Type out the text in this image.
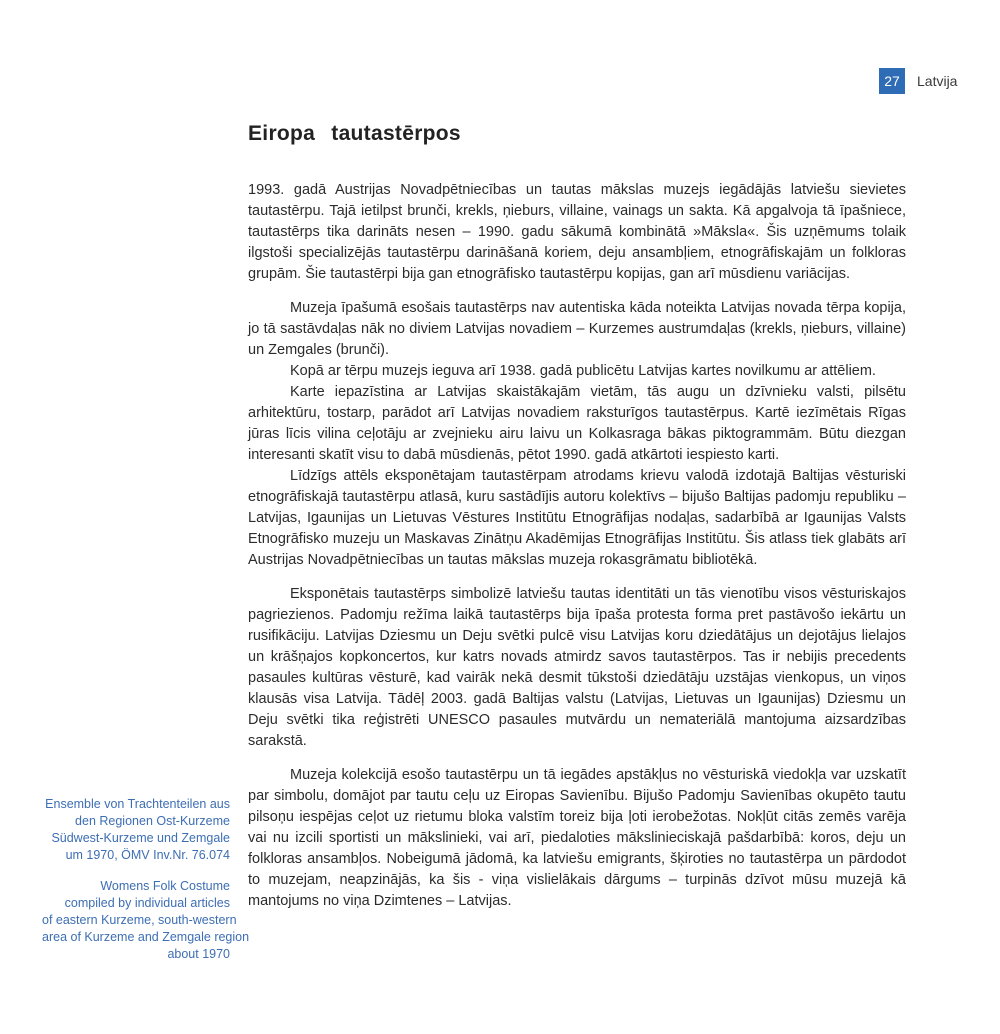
27 Latvija
Eiropa tautastērpos

1993. gadā Austrijas Novadpētniecības un tautas mākslas muzejs iegādājās latviešu sievietes tautastērpu. Tajā ietilpst brunči, krekls, ņieburs, villaine, vainags un sakta. Kā apgalvoja tā īpašniece, tautastērps tika darināts nesen – 1990. gadu sākumā kombinātā »Māksla«. Šis uzņēmums tolaik ilgstoši specializējās tautastērpu darināšanā koriem, deju ansambļiem, etnogrāfiskajām un folkloras grupām. Šie tautastērpi bija gan etnogrāfisko tautastērpu kopijas, gan arī mūsdienu variācijas.

Muzeja īpašumā esošais tautastērps nav autentiska kāda noteikta Latvijas novada tērpa kopija, jo tā sastāvdaļas nāk no diviem Latvijas novadiem – Kurzemes austrumdaļas (krekls, ņieburs, villaine) un Zemgales (brunči).

Kopā ar tērpu muzejs ieguva arī 1938. gadā publicētu Latvijas kartes novilkumu ar attēliem.

Karte iepazīstina ar Latvijas skaistākajām vietām, tās augu un dzīvnieku valsti, pilsētu arhitektūru, tostarp, parādot arī Latvijas novadiem raksturīgos tautastērpus. Kartē iezīmētais Rīgas jūras līcis vilina ceļotāju ar zvejnieku airu laivu un Kolkasraga bākas piktogrammām. Būtu diezgan interesanti skatīt visu to dabā mūsdienās, pētot 1990. gadā atkārtoti iespiesto karti.

Līdzīgs attēls eksponētajam tautastērpam atrodams krievu valodā izdotajā Baltijas vēsturiski etnogrāfiskajā tautastērpu atlasā, kuru sastādījis autoru kolektīvs – bijušo Baltijas padomju republiku – Latvijas, Igaunijas un Lietuvas Vēstures Institūtu Etnogrāfijas nodaļas, sadarbībā ar Igaunijas Valsts Etnogrāfisko muzeju un Maskavas Zinātņu Akadēmijas Etnogrāfijas Institūtu. Šis atlass tiek glabāts arī Austrijas Novadpētniecības un tautas mākslas muzeja rokasgrāmatu bibliotēkā.

Eksponētais tautastērps simbolizē latviešu tautas identitāti un tās vienotību visos vēsturiskajos pagriezienos. Padomju režīma laikā tautastērps bija īpaša protesta forma pret pastāvošo iekārtu un rusifikāciju. Latvijas Dziesmu un Deju svētki pulcē visu Latvijas koru dziedātājus un dejotājus lielajos un krāšņajos kopkoncertos, kur katrs novads atmirdz savos tautastērpos. Tas ir nebijis precedents pasaules kultūras vēsturē, kad vairāk nekā desmit tūkstoši dziedātāju uzstājas vienkopus, un viņos klausās visa Latvija. Tādēļ 2003. gadā Baltijas valstu (Latvijas, Lietuvas un Igaunijas) Dziesmu un Deju svētki tika reģistrēti UNESCO pasaules mutvārdu un nemateriālā mantojuma aizsardzības sarakstā.

Muzeja kolekcijā esošo tautastērpu un tā iegādes apstākļus no vēsturiskā viedokļa var uzskatīt par simbolu, domājot par tautu ceļu uz Eiropas Savienību. Bijušo Padomju Savienības okupēto tautu pilsoņu iespējas ceļot uz rietumu bloka valstīm toreiz bija ļoti ierobežotas. Nokļūt citās zemēs varēja vai nu izcili sportisti un mākslinieki, vai arī, piedaloties mākslinieciskajā pašdarbībā: koros, deju un folkloras ansambļos. Nobeigumā jādomā, ka latviešu emigrants, šķiroties no tautastērpa un pārdodot to muzejam, neapzinājās, ka šis - viņa vislielākais dārgums – turpinās dzīvot mūsu muzejā kā mantojums no viņa Dzimtenes – Latvijas.

Ensemble von Trachtenteilen aus
den Regionen Ost-Kurzeme
Südwest-Kurzeme und Zemgale
um 1970, ÖMV Inv.Nr. 76.074
Womens Folk Costume
compiled by individual articles
of eastern Kurzeme, south-western
area of Kurzeme and Zemgale region
about 1970
